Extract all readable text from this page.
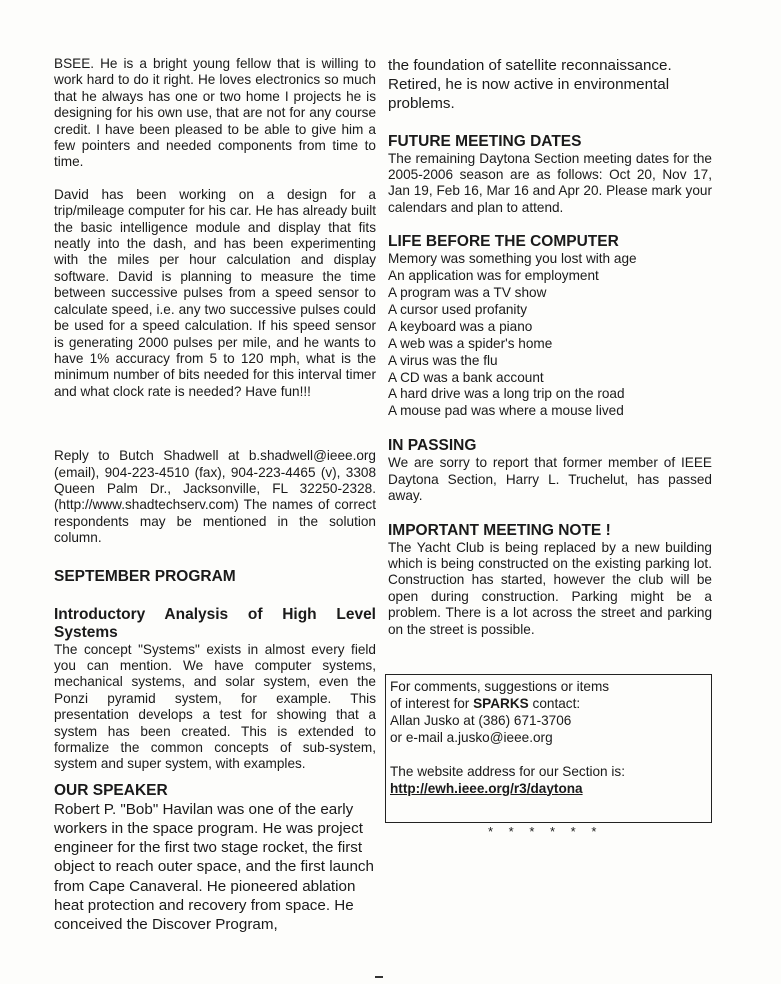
BSEE. He is a bright young fellow that is willing to work hard to do it right. He loves electronics so much that he always has one or two home I projects he is designing for his own use, that are not for any course credit. I have been pleased to be able to give him a few pointers and needed components from time to time.

David has been working on a design for a trip/mileage computer for his car. He has already built the basic intelligence module and display that fits neatly into the dash, and has been experimenting with the miles per hour calculation and display software. David is planning to measure the time between successive pulses from a speed sensor to calculate speed, i.e. any two successive pulses could be used for a speed calculation. If his speed sensor is generating 2000 pulses per mile, and he wants to have 1% accuracy from 5 to 120 mph, what is the minimum number of bits needed for this interval timer and what clock rate is needed? Have fun!!!

Reply to Butch Shadwell at b.shadwell@ieee.org (email), 904-223-4510 (fax), 904-223-4465 (v), 3308 Queen Palm Dr., Jacksonville, FL 32250-2328. (http://www.shadtechserv.com) The names of correct respondents may be mentioned in the solution column.

SEPTEMBER PROGRAM
Introductory Analysis of High Level Systems

The concept "Systems" exists in almost every field you can mention. We have computer systems, mechanical systems, and solar system, even the Ponzi pyramid system, for example. This presentation develops a test for showing that a system has been created. This is extended to formalize the common concepts of sub-system, system and super system, with examples.

OUR SPEAKER

Robert P. "Bob" Havilan was one of the early workers in the space program. He was project engineer for the first two stage rocket, the first object to reach outer space, and the first launch from Cape Canaveral. He pioneered ablation heat protection and recovery from space. He conceived the Discover Program,

the foundation of satellite reconnaissance. Retired, he is now active in environmental problems.

FUTURE MEETING DATES

The remaining Daytona Section meeting dates for the 2005-2006 season are as follows: Oct 20, Nov 17, Jan 19, Feb 16, Mar 16 and Apr 20. Please mark your calendars and plan to attend.

LIFE BEFORE THE COMPUTER
Memory was something you lost with age
An application was for employment
A program was a TV show
A cursor used profanity
A keyboard was a piano
A web was a spider's home
A virus was the flu
A CD was a bank account
A hard drive was a long trip on the road
A mouse pad was where a mouse lived
IN PASSING

We are sorry to report that former member of IEEE Daytona Section, Harry L. Truchelut, has passed away.

IMPORTANT MEETING NOTE !

The Yacht Club is being replaced by a new building which is being constructed on the existing parking lot. Construction has started, however the club will be open during construction. Parking might be a problem. There is a lot across the street and parking on the street is possible.

For comments, suggestions or items
of interest for SPARKS contact:
Allan Jusko at (386) 671-3706
or e-mail a.jusko@ieee.org
The website address for our Section is:
http://ewh.ieee.org/r3/daytona
* * * * * *
